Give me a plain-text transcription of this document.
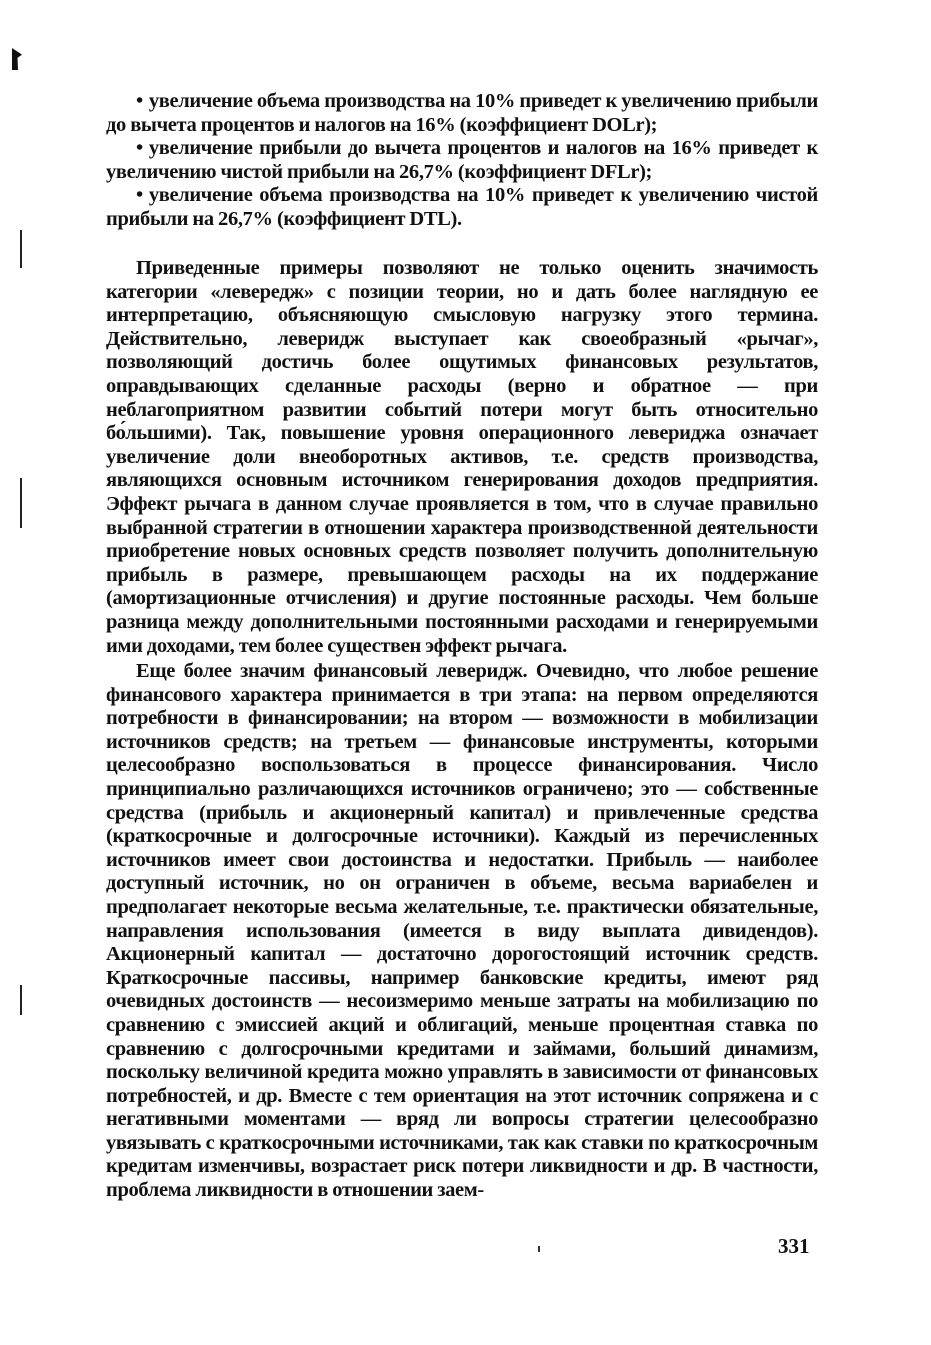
• увеличение объема производства на 10% приведет к увеличению прибыли до вычета процентов и налогов на 16% (коэффициент DOLr);

• увеличение прибыли до вычета процентов и налогов на 16% приведет к увеличению чистой прибыли на 26,7% (коэффициент DFLr);

• увеличение объема производства на 10% приведет к увеличению чистой прибыли на 26,7% (коэффициент DTL).

Приведенные примеры позволяют не только оценить значимость категории «левередж» с позиции теории, но и дать более наглядную ее интерпретацию, объясняющую смысловую нагрузку этого термина. Действительно, леверидж выступает как своеобразный «рычаг», позволяющий достичь более ощутимых финансовых результатов, оправдывающих сделанные расходы (верно и обратное — при неблагоприятном развитии событий потери могут быть относительно бо́льшими). Так, повышение уровня операционного левериджа означает увеличение доли внеоборотных активов, т.е. средств производства, являющихся основным источником генерирования доходов предприятия. Эффект рычага в данном случае проявляется в том, что в случае правильно выбранной стратегии в отношении характера производственной деятельности приобретение новых основных средств позволяет получить дополнительную прибыль в размере, превышающем расходы на их поддержание (амортизационные отчисления) и другие постоянные расходы. Чем больше разница между дополнительными постоянными расходами и генерируемыми ими доходами, тем более существен эффект рычага.

Еще более значим финансовый леверидж. Очевидно, что любое решение финансового характера принимается в три этапа: на первом определяются потребности в финансировании; на втором — возможности в мобилизации источников средств; на третьем — финансовые инструменты, которыми целесообразно воспользоваться в процессе финансирования. Число принципиально различающихся источников ограничено; это — собственные средства (прибыль и акционерный капитал) и привлеченные средства (краткосрочные и долгосрочные источники). Каждый из перечисленных источников имеет свои достоинства и недостатки. Прибыль — наиболее доступный источник, но он ограничен в объеме, весьма вариабелен и предполагает некоторые весьма желательные, т.е. практически обязательные, направления использования (имеется в виду выплата дивидендов). Акционерный капитал — достаточно дорогостоящий источник средств. Краткосрочные пассивы, например банковские кредиты, имеют ряд очевидных достоинств — несоизмеримо меньше затраты на мобилизацию по сравнению с эмиссией акций и облигаций, меньше процентная ставка по сравнению с долгосрочными кредитами и займами, больший динамизм, поскольку величиной кредита можно управлять в зависимости от финансовых потребностей, и др. Вместе с тем ориентация на этот источник сопряжена и с негативными моментами — вряд ли вопросы стратегии целесообразно увязывать с краткосрочными источниками, так как ставки по краткосрочным кредитам изменчивы, возрастает риск потери ликвидности и др. В частности, проблема ликвидности в отношении заем-

331
